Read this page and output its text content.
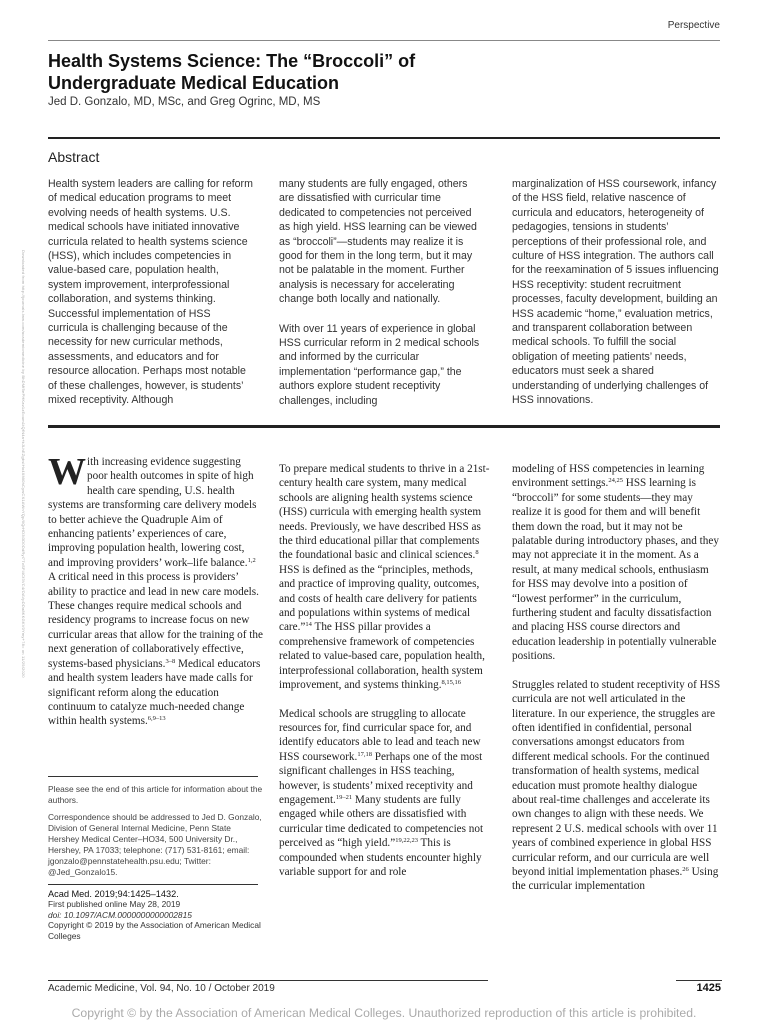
Perspective
Health Systems Science: The “Broccoli” of
Undergraduate Medical Education
Jed D. Gonzalo, MD, MSc, and Greg Ogrinc, MD, MS
Abstract

Health system leaders are calling for reform of medical education programs to meet evolving needs of health systems. U.S. medical schools have initiated innovative curricula related to health systems science (HSS), which includes competencies in value-based care, population health, system improvement, interprofessional collaboration, and systems thinking. Successful implementation of HSS curricula is challenging because of the necessity for new curricular methods, assessments, and educators and for resource allocation. Perhaps most notable of these challenges, however, is students’ mixed receptivity. Although

many students are fully engaged, others are dissatisfied with curricular time dedicated to competencies not perceived as high yield. HSS learning can be viewed as “broccoli”—students may realize it is good for them in the long term, but it may not be palatable in the moment. Further analysis is necessary for accelerating change both locally and nationally.

With over 11 years of experience in global HSS curricular reform in 2 medical schools and informed by the curricular implementation “performance gap,” the authors explore student receptivity challenges, including

marginalization of HSS coursework, infancy of the HSS field, relative nascence of curricula and educators, heterogeneity of pedagogies, tensions in students’ perceptions of their professional role, and culture of HSS integration. The authors call for the reexamination of 5 issues influencing HSS receptivity: student recruitment processes, faculty development, building an HSS academic “home,” evaluation metrics, and transparent collaboration between medical schools. To fulfill the social obligation of meeting patients’ needs, educators must seek a shared understanding of underlying challenges of HSS innovations.

Downloaded from http://journals.lww.com/academicmedicine by BhDMf5ePHKav1zEoum1tQfN4a+kJLhEZgbsIHo4XMi0hCywCX1AWnYQp/IlQrHD3i3D0OdRyi7TvSFl4Cf3VC4/OAVpDDa8KKGKV0Ymy+78= on 11/29/2020 With increasing evidence suggesting poor health outcomes in spite of high health care spending, U.S. health systems are transforming care delivery models to better achieve the Quadruple Aim of enhancing patients’ experiences of care, improving population health, lowering cost, and improving providers’ work–life balance.$^{1,2}$ A critical need in this process is providers’ ability to practice and lead in new care models. These changes require medical schools and residency programs to increase focus on new curricular areas that allow for the training of the next generation of collaboratively effective, systems-based physicians.$^{3-8}$ Medical educators and health system leaders have made calls for significant reform along the education continuum to catalyze much-needed change within health systems.$^{6,9-13}$

Please see the end of this article for information about the authors.
Correspondence should be addressed to Jed D. Gonzalo, Division of General Internal Medicine, Penn State Hershey Medical Center–HO34, 500 University Dr., Hershey, PA 17033; telephone: (717) 531-8161; email: jgonzalo@pennstatehealth.psu.edu; Twitter: @Jed_Gonzalo15.
Acad Med. 2019;94:1425–1432.
First published online May 28, 2019
doi: 10.1097/ACM.0000000000002815
Copyright © 2019 by the Association of American Medical Colleges

To prepare medical students to thrive in a 21st-century health care system, many medical schools are aligning health systems science (HSS) curricula with emerging health system needs. Previously, we have described HSS as the third educational pillar that complements the foundational basic and clinical sciences.$^8$ HSS is defined as the “principles, methods, and practice of improving quality, outcomes, and costs of health care delivery for patients and populations within systems of medical care.”$^{14}$ The HSS pillar provides a comprehensive framework of competencies related to value-based care, population health, interprofessional collaboration, health system improvement, and systems thinking.$^{8,15,16}$

Medical schools are struggling to allocate resources for, find curricular space for, and identify educators able to lead and teach new HSS coursework.$^{17,18}$ Perhaps one of the most significant challenges in HSS teaching, however, is students’ mixed receptivity and engagement.$^{19-21}$ Many students are fully engaged while others are dissatisfied with curricular time dedicated to competencies not perceived as “high yield.”$^{19,22,23}$ This is compounded when students encounter highly variable support for and role

modeling of HSS competencies in learning environment settings.$^{24,25}$ HSS learning is “broccoli” for some students—they may realize it is good for them and will benefit them down the road, but it may not be palatable during introductory phases, and they may not appreciate it in the moment. As a result, at many medical schools, enthusiasm for HSS may devolve into a position of “lowest performer” in the curriculum, furthering student and faculty dissatisfaction and placing HSS course directors and education leadership in potentially vulnerable positions.

Struggles related to student receptivity of HSS curricula are not well articulated in the literature. In our experience, the struggles are often identified in confidential, personal conversations amongst educators from different medical schools. For the continued transformation of health systems, medical education must promote healthy dialogue about real-time challenges and accelerate its own changes to align with these needs. We represent 2 U.S. medical schools with over 11 years of combined experience in global HSS curricular reform, and our curricula are well beyond initial implementation phases.$^{26}$ Using the curricular implementation

Academic Medicine, Vol. 94, No. 10 / October 2019	1425
Copyright © by the Association of American Medical Colleges. Unauthorized reproduction of this article is prohibited.
